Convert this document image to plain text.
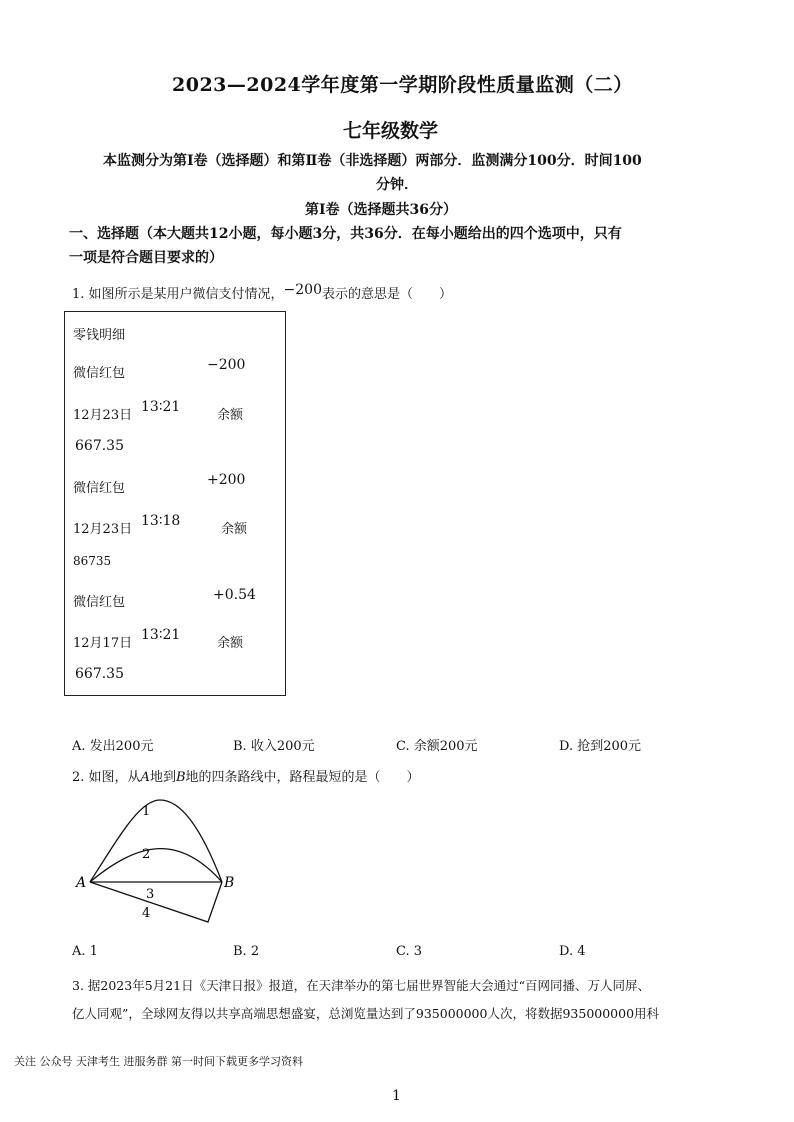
2023—2024学年度第一学期阶段性质量监测（二）
七年级数学
本监测分为第Ⅰ卷（选择题）和第Ⅱ卷（非选择题）两部分．监测满分100分．时间100
分钟．
第Ⅰ卷（选择题共36分）
一、选择题（本大题共12小题，每小题3分，共36分．在每小题给出的四个选项中，只有
一项是符合题目要求的）
1. 如图所示是某用户微信支付情况，−200表示的意思是（　　）
零钱明细
微信红包
−200
12月23日
13∶21
余额
667.35
微信红包
+200
12月23日
13∶18
余额
86735
微信红包	+0.54
12月17日
13∶21
余额
667.35
A. 发出200元	B. 收入200元	C. 余额200元	D. 抢到200元
2. 如图，从A地到B地的四条路线中，路程最短的是（　　）
A	B
1
2
3
4
A. 1	B. 2	C. 3	D. 4
3. 据2023年5月21日《天津日报》报道，在天津举办的第七届世界智能大会通过“百网同播、万人同屏、
亿人同观”，全球网友得以共享高端思想盛宴，总浏览量达到了935000000人次，将数据935000000用科
关注 公众号 天津考生 进服务群 第一时间下载更多学习资料
1
